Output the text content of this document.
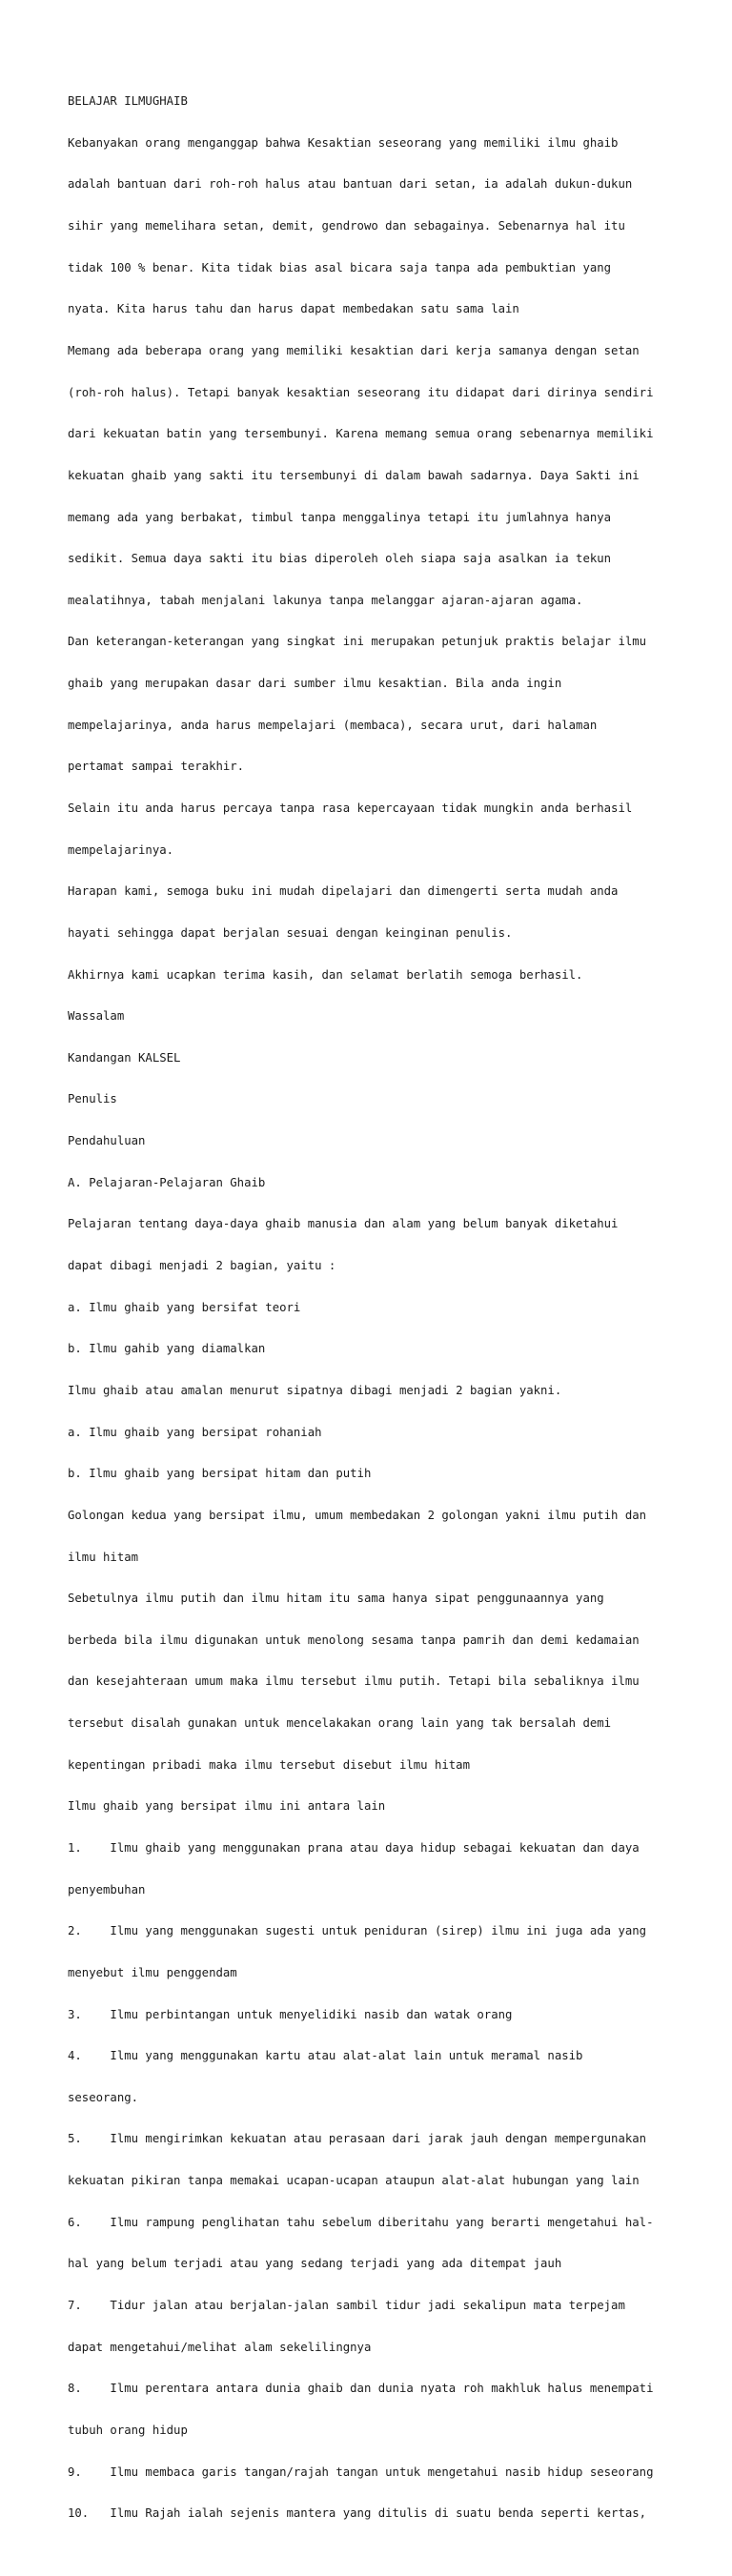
BELAJAR ILMUGHAIB

Kebanyakan orang menganggap bahwa Kesaktian seseorang yang memiliki ilmu ghaib

adalah bantuan dari roh-roh halus atau bantuan dari setan, ia adalah dukun-dukun

sihir yang memelihara setan, demit, gendrowo dan sebagainya. Sebenarnya hal itu

tidak 100 % benar. Kita tidak bias asal bicara saja tanpa ada pembuktian yang

nyata. Kita harus tahu dan harus dapat membedakan satu sama lain

Memang ada beberapa orang yang memiliki kesaktian dari kerja samanya dengan setan

(roh-roh halus). Tetapi banyak kesaktian seseorang itu didapat dari dirinya sendiri

dari kekuatan batin yang tersembunyi. Karena memang semua orang sebenarnya memiliki

kekuatan ghaib yang sakti itu tersembunyi di dalam bawah sadarnya. Daya Sakti ini

memang ada yang berbakat, timbul tanpa menggalinya tetapi itu jumlahnya hanya

sedikit. Semua daya sakti itu bias diperoleh oleh siapa saja asalkan ia tekun

mealatihnya, tabah menjalani lakunya tanpa melanggar ajaran-ajaran agama.

Dan keterangan-keterangan yang singkat ini merupakan petunjuk praktis belajar ilmu

ghaib yang merupakan dasar dari sumber ilmu kesaktian. Bila anda ingin

mempelajarinya, anda harus mempelajari (membaca), secara urut, dari halaman

pertamat sampai terakhir.

Selain itu anda harus percaya tanpa rasa kepercayaan tidak mungkin anda berhasil

mempelajarinya.

Harapan kami, semoga buku ini mudah dipelajari dan dimengerti serta mudah anda

hayati sehingga dapat berjalan sesuai dengan keinginan penulis.

Akhirnya kami ucapkan terima kasih, dan selamat berlatih semoga berhasil.

Wassalam

Kandangan KALSEL

Penulis

Pendahuluan

A. Pelajaran-Pelajaran Ghaib

Pelajaran tentang daya-daya ghaib manusia dan alam yang belum banyak diketahui

dapat dibagi menjadi 2 bagian, yaitu :

a. Ilmu ghaib yang bersifat teori

b. Ilmu gahib yang diamalkan

Ilmu ghaib atau amalan menurut sipatnya dibagi menjadi 2 bagian yakni.

a. Ilmu ghaib yang bersipat rohaniah

b. Ilmu ghaib yang bersipat hitam dan putih

Golongan kedua yang bersipat ilmu, umum membedakan 2 golongan yakni ilmu putih dan

ilmu hitam

Sebetulnya ilmu putih dan ilmu hitam itu sama hanya sipat penggunaannya yang

berbeda bila ilmu digunakan untuk menolong sesama tanpa pamrih dan demi kedamaian

dan kesejahteraan umum maka ilmu tersebut ilmu putih. Tetapi bila sebaliknya ilmu

tersebut disalah gunakan untuk mencelakakan orang lain yang tak bersalah demi

kepentingan pribadi maka ilmu tersebut disebut ilmu hitam

Ilmu ghaib yang bersipat ilmu ini antara lain

1.    Ilmu ghaib yang menggunakan prana atau daya hidup sebagai kekuatan dan daya

penyembuhan

2.    Ilmu yang menggunakan sugesti untuk peniduran (sirep) ilmu ini juga ada yang

menyebut ilmu penggendam

3.    Ilmu perbintangan untuk menyelidiki nasib dan watak orang

4.    Ilmu yang menggunakan kartu atau alat-alat lain untuk meramal nasib

seseorang.

5.    Ilmu mengirimkan kekuatan atau perasaan dari jarak jauh dengan mempergunakan

kekuatan pikiran tanpa memakai ucapan-ucapan ataupun alat-alat hubungan yang lain

6.    Ilmu rampung penglihatan tahu sebelum diberitahu yang berarti mengetahui hal-

hal yang belum terjadi atau yang sedang terjadi yang ada ditempat jauh

7.    Tidur jalan atau berjalan-jalan sambil tidur jadi sekalipun mata terpejam

dapat mengetahui/melihat alam sekelilingnya

8.    Ilmu perentara antara dunia ghaib dan dunia nyata roh makhluk halus menempati

tubuh orang hidup

9.    Ilmu membaca garis tangan/rajah tangan untuk mengetahui nasib hidup seseorang

10.   Ilmu Rajah ialah sejenis mantera yang ditulis di suatu benda seperti kertas,
